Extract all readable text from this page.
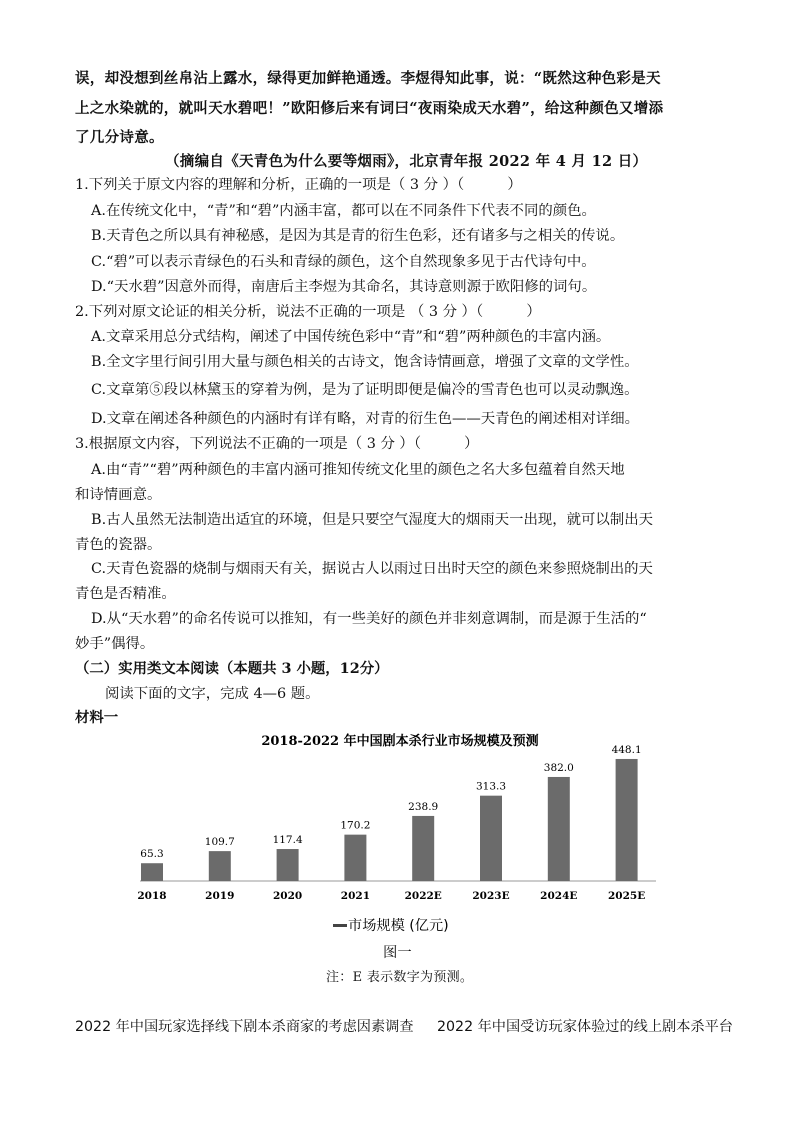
误，却没想到丝帛沾上露水，绿得更加鲜艳通透。李煜得知此事，说：“既然这种色彩是天
上之水染就的，就叫天水碧吧！”欧阳修后来有词曰“夜雨染成天水碧”，给这种颜色又增添
了几分诗意。
（摘编自《天青色为什么要等烟雨》，北京青年报 2022 年 4 月 12 日）
1.下列关于原文内容的理解和分析，正确的一项是（ 3 分 ）（　　　）
A.在传统文化中，“青”和“碧”内涵丰富，都可以在不同条件下代表不同的颜色。
B.天青色之所以具有神秘感，是因为其是青的衍生色彩，还有诸多与之相关的传说。
C.“碧”可以表示青绿色的石头和青绿的颜色，这个自然现象多见于古代诗句中。
D.“天水碧”因意外而得，南唐后主李煜为其命名，其诗意则源于欧阳修的词句。
2.下列对原文论证的相关分析，说法不正确的一项是 （ 3 分 ）（　　　）
A.文章采用总分式结构，阐述了中国传统色彩中“青”和“碧”两种颜色的丰富内涵。
B.全文字里行间引用大量与颜色相关的古诗文，饱含诗情画意，增强了文章的文学性。
C.文章第⑤段以林黛玉的穿着为例，是为了证明即便是偏冷的雪青色也可以灵动飘逸。
D.文章在阐述各种颜色的内涵时有详有略，对青的衍生色——天青色的阐述相对详细。
3.根据原文内容，下列说法不正确的一项是（ 3 分 ）（　　　）
A.由“青”“碧”两种颜色的丰富内涵可推知传统文化里的颜色之名大多包蕴着自然天地
和诗情画意。
B.古人虽然无法制造出适宜的环境，但是只要空气湿度大的烟雨天一出现，就可以制出天
青色的瓷器。
C.天青色瓷器的烧制与烟雨天有关，据说古人以雨过日出时天空的颜色来参照烧制出的天
青色是否精准。
D.从“天水碧”的命名传说可以推知，有一些美好的颜色并非刻意调制，而是源于生活的“
妙手”偶得。
（二）实用类文本阅读（本题共 3 小题，12分）
阅读下面的文字，完成 4—6 题。
材料一
2018-2022 年中国剧本杀行业市场规模及预测
65.3
2018
109.7
2019
117.4
2020
170.2
2021
238.9
2022E
313.3
2023E
382.0
2024E
448.1
2025E
市场规模 (亿元)
图一
注：E 表示数字为预测。
2022 年中国玩家选择线下剧本杀商家的考虑因素调查 2022 年中国受访玩家体验过的线上剧本杀平台
